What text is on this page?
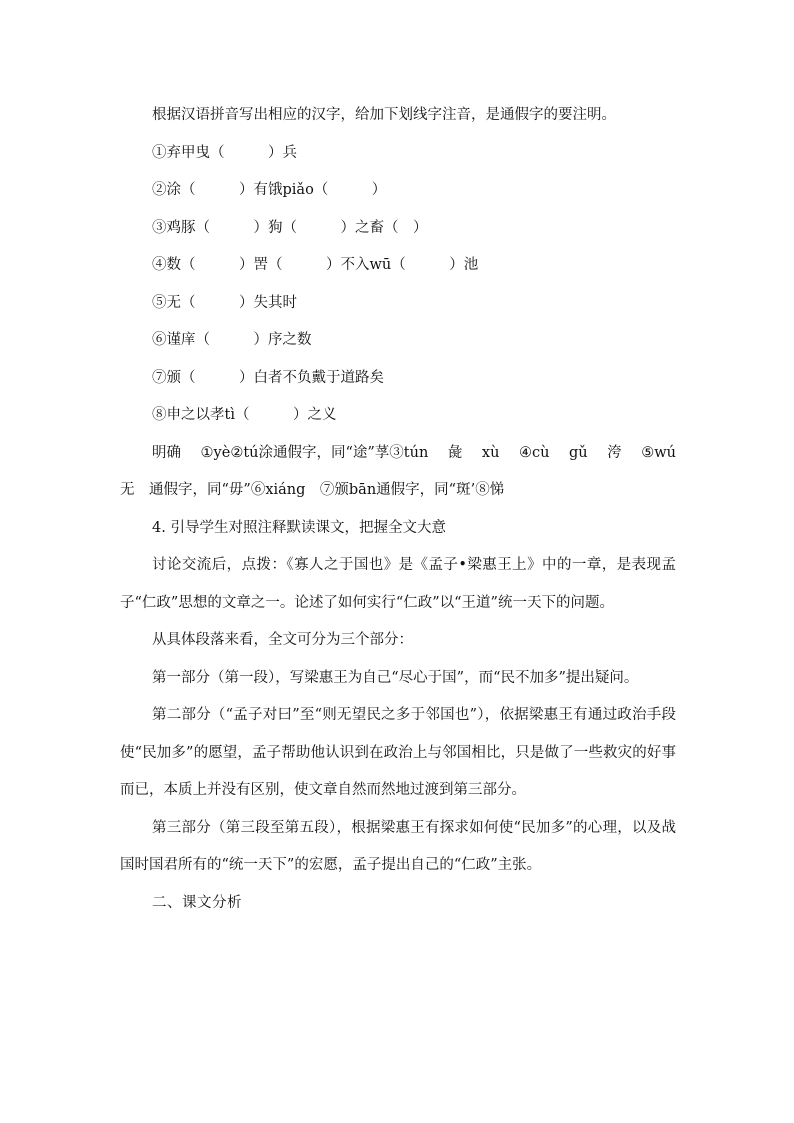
根据汉语拼音写出相应的汉字，给加下划线字注音，是通假字的要注明。
①弃甲曳（　　　）兵
②涂（　　　）有饿piǎo（　　　）
③鸡豚（　　　）狗（　　　）之畜（　）
④数（　　　）罟（　　　）不入wū（　　　）池
⑤无（　　　）失其时
⑥谨庠（　　　）序之数
⑦颁（　　　）白者不负戴于道路矣
⑧申之以孝tì（　　　）之义
明确 ①yè②tú涂通假字，同“途”莩③tún 彘 xù ④cù gǔ 洿 ⑤wú
无　通假字，同“毋”⑥xiáng　⑦颁bān通假字，同“斑’⑧悌
4. 引导学生对照注释默读课文，把握全文大意

讨论交流后，点拨：《寡人之于国也》是《孟子•梁惠王上》中的一章，是表现孟子“仁政”思想的文章之一。论述了如何实行“仁政”以“王道”统一天下的问题。

从具体段落来看，全文可分为三个部分：

第一部分（第一段），写梁惠王为自己“尽心于国”，而“民不加多”提出疑问。

第二部分（“孟子对曰”至“则无望民之多于邻国也”），依据梁惠王有通过政治手段使“民加多”的愿望，孟子帮助他认识到在政治上与邻国相比，只是做了一些救灾的好事而已，本质上并没有区别，使文章自然而然地过渡到第三部分。

第三部分（第三段至第五段），根据梁惠王有探求如何使“民加多”的心理，以及战国时国君所有的“统一天下”的宏愿，孟子提出自己的“仁政”主张。

二、课文分析
